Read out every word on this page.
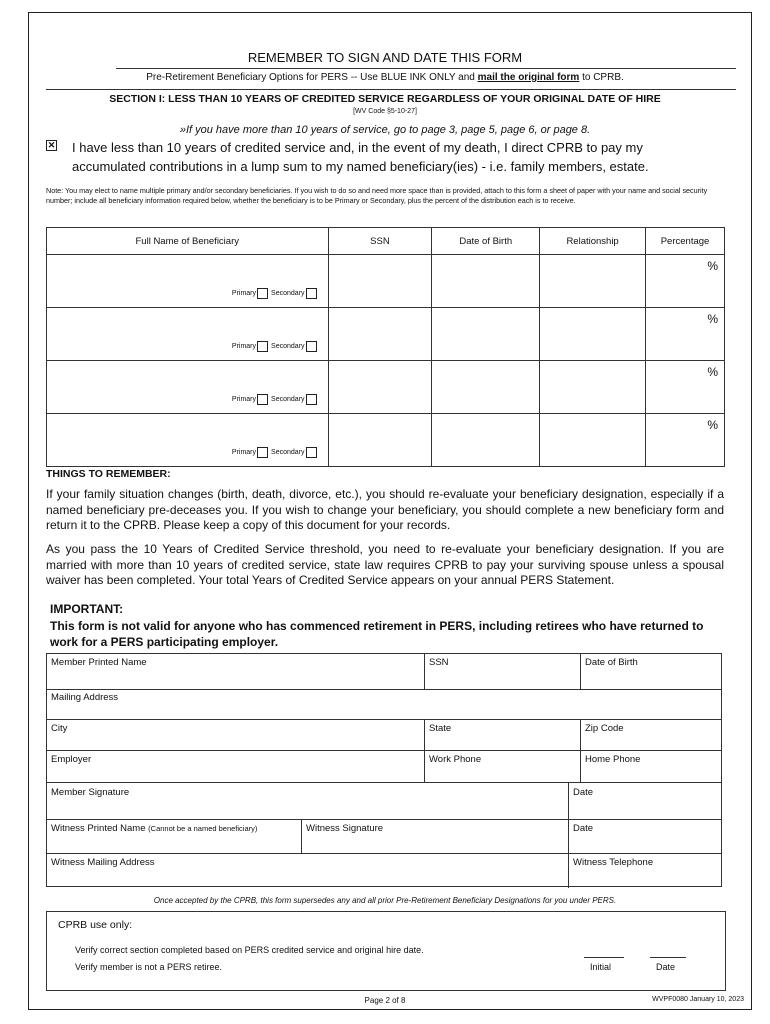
REMEMBER TO SIGN AND DATE THIS FORM
Pre-Retirement Beneficiary Options for PERS -- Use BLUE INK ONLY and mail the original form to CPRB.
SECTION I: LESS THAN 10 YEARS OF CREDITED SERVICE REGARDLESS OF YOUR ORIGINAL DATE OF HIRE
[WV Code §5-10-27]
»If you have more than 10 years of service, go to page 3, page 5, page 6, or page 8.
✕ I have less than 10 years of credited service and, in the event of my death, I direct CPRB to pay my accumulated contributions in a lump sum to my named beneficiary(ies) - i.e. family members, estate.
Note: You may elect to name multiple primary and/or secondary beneficiaries. If you wish to do so and need more space than is provided, attach to this form a sheet of paper with your name and social security number; include all beneficiary information required below, whether the beneficiary is to be Primary or Secondary, plus the percent of the distribution each is to receive.
Full Name of Beneficiary	SSN	Date of Birth	Relationship	Percentage

Primary Secondary				%

Primary Secondary				%

Primary Secondary				%

Primary Secondary				%
THINGS TO REMEMBER:
If your family situation changes (birth, death, divorce, etc.), you should re-evaluate your beneficiary designation, especially if a named beneficiary pre-deceases you. If you wish to change your beneficiary, you should complete a new beneficiary form and return it to the CPRB. Please keep a copy of this document for your records.
As you pass the 10 Years of Credited Service threshold, you need to re-evaluate your beneficiary designation. If you are married with more than 10 years of credited service, state law requires CPRB to pay your surviving spouse unless a spousal waiver has been completed. Your total Years of Credited Service appears on your annual PERS Statement.
IMPORTANT:
This form is not valid for anyone who has commenced retirement in PERS, including retirees who have returned to work for a PERS participating employer.
Member Printed Name	SSN	Date of Birth
Mailing Address
City	State	Zip Code
Employer	Work Phone	Home Phone
Member Signature	Date
Witness Printed Name (Cannot be a named beneficiary)	Witness Signature	Date
Witness Mailing Address	Witness Telephone
Once accepted by the CPRB, this form supersedes any and all prior Pre-Retirement Beneficiary Designations for you under PERS.
CPRB use only:
Verify correct section completed based on PERS credited service and original hire date.
Verify member is not a PERS retiree.	Initial	Date
Page 2 of 8	WVPF0080 January 10, 2023
